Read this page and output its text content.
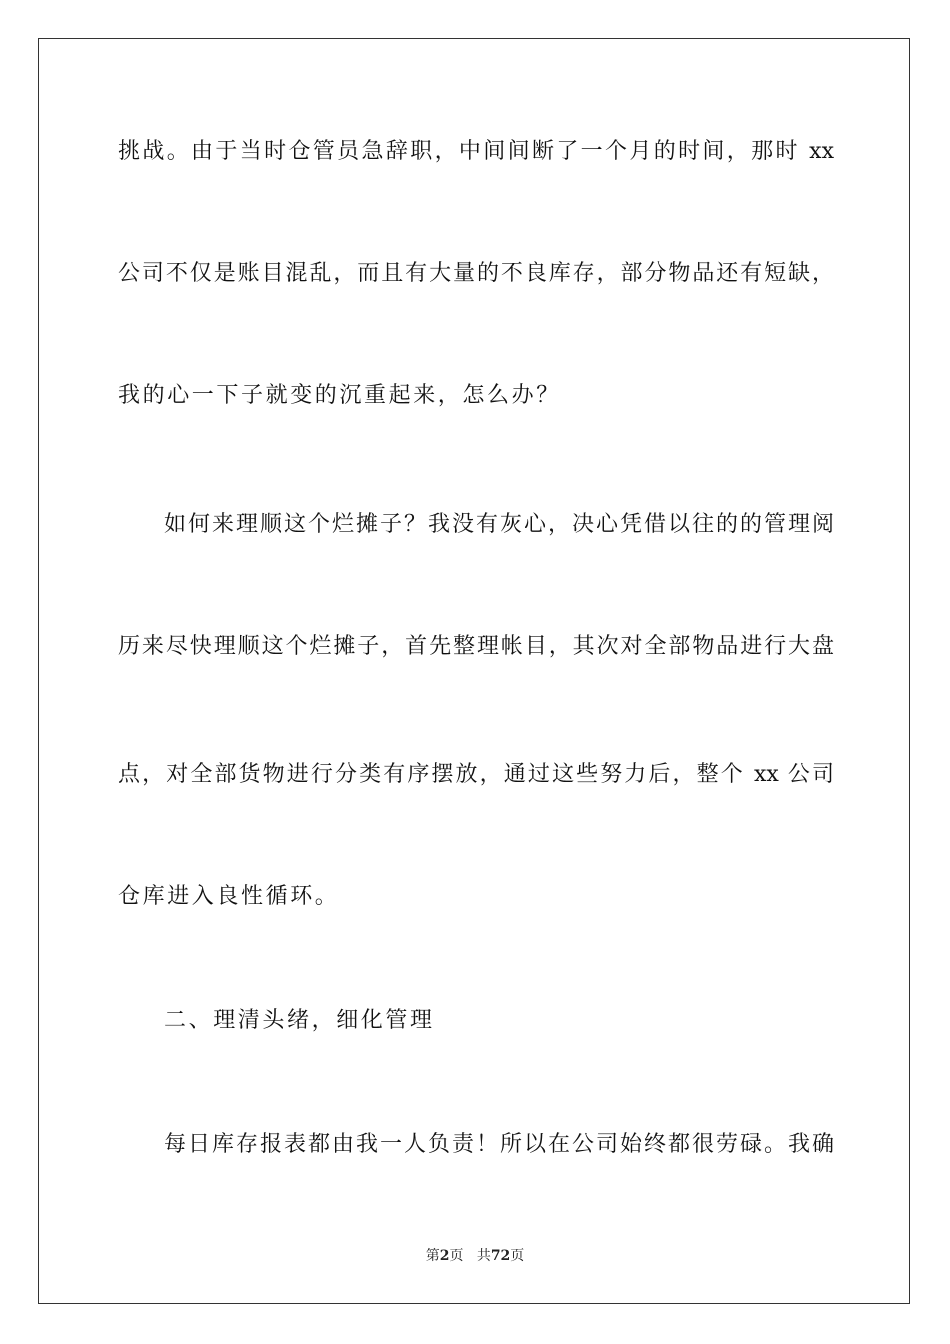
挑战。由于当时仓管员急辞职，中间间断了一个月的时间，那时 xx
公司不仅是账目混乱，而且有大量的不良库存，部分物品还有短缺，
我的心一下子就变的沉重起来，怎么办？
如何来理顺这个烂摊子？我没有灰心，决心凭借以往的的管理阅
历来尽快理顺这个烂摊子，首先整理帐目，其次对全部物品进行大盘
点，对全部货物进行分类有序摆放，通过这些努力后，整个 xx 公司
仓库进入良性循环。
二、理清头绪，细化管理
每日库存报表都由我一人负责！所以在公司始终都很劳碌。我确
第2页 共72页
